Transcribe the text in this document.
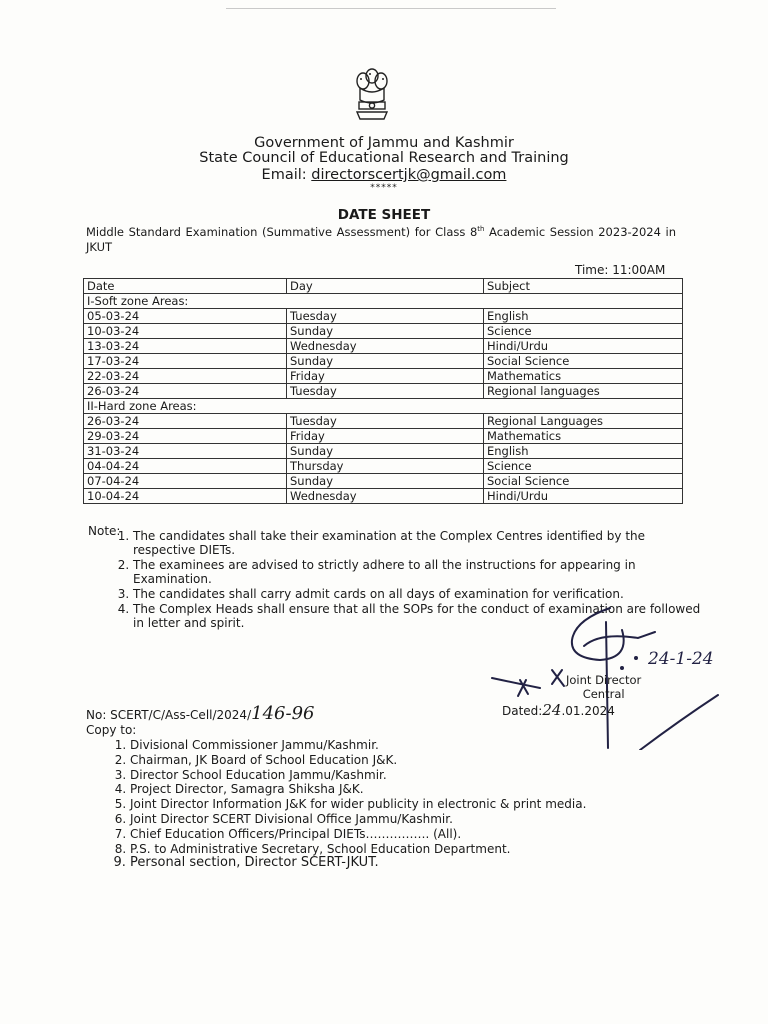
Government of Jammu and Kashmir
State Council of Educational Research and Training
Email: directorscertjk@gmail.com
*****
DATE SHEET
Middle Standard Examination (Summative Assessment) for Class 8th Academic Session 2023-2024 in JKUT
Time: 11:00AM
Date	Day	Subject
I-Soft zone Areas:		
05-03-24	Tuesday	English
10-03-24	Sunday	Science
13-03-24	Wednesday	Hindi/Urdu
17-03-24	Sunday	Social Science
22-03-24	Friday	Mathematics
26-03-24	Tuesday	Regional languages
II-Hard zone Areas:		
26-03-24	Tuesday	Regional Languages
29-03-24	Friday	Mathematics
31-03-24	Sunday	English
04-04-24	Thursday	Science
07-04-24	Sunday	Social Science
10-04-24	Wednesday	Hindi/Urdu
Note: 1. The candidates shall take their examination at the Complex Centres identified by the respective DIETs.
2. The examinees are advised to strictly adhere to all the instructions for appearing in Examination.
3. The candidates shall carry admit cards on all days of examination for verification.
4. The Complex Heads shall ensure that all the SOPs for the conduct of examination are followed in letter and spirit.
24-1-24
Joint Director
Central
Dated:24.01.2024
No: SCERT/C/Ass-Cell/2024/146-96
Copy to:
1. Divisional Commissioner Jammu/Kashmir.
2. Chairman, JK Board of School Education J&K.
3. Director School Education Jammu/Kashmir.
4. Project Director, Samagra Shiksha J&K.
5. Joint Director Information J&K for wider publicity in electronic & print media.
6. Joint Director SCERT Divisional Office Jammu/Kashmir.
7. Chief Education Officers/Principal DIETs……………. (All).
8. P.S. to Administrative Secretary, School Education Department.
9. Personal section, Director SCERT-JKUT.
